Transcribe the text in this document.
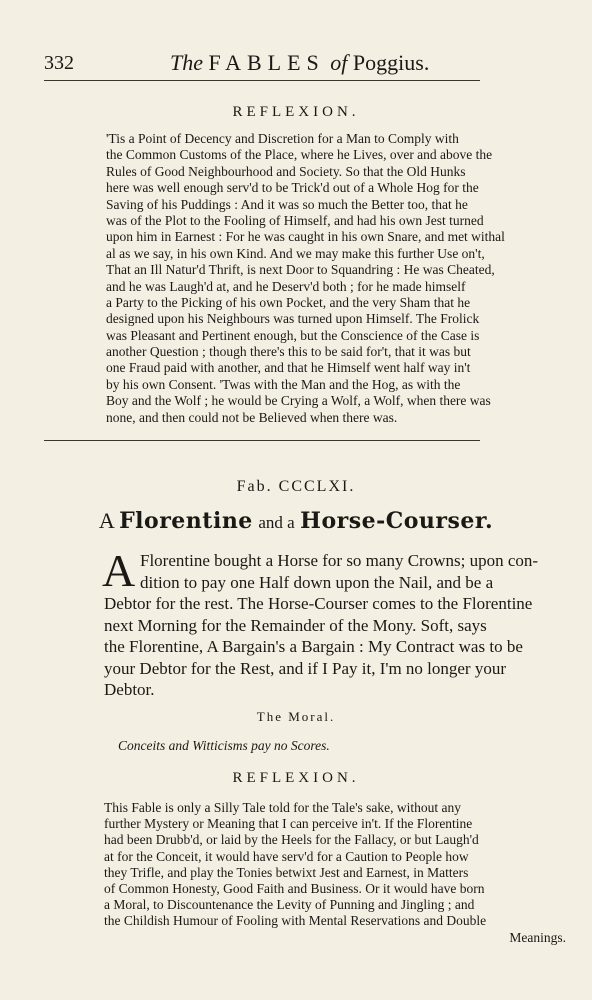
332	The FABLES of Poggius.
REFLEXION.
'Tis a Point of Decency and Discretion for a Man to Comply with
the Common Customs of the Place, where he Lives, over and above the
Rules of Good Neighbourhood and Society. So that the Old Hunks
here was well enough serv'd to be Trick'd out of a Whole Hog for the
Saving of his Puddings : And it was so much the Better too, that he
was of the Plot to the Fooling of Himself, and had his own Jest turned
upon him in Earnest : For he was caught in his own Snare, and met withal
al as we say, in his own Kind. And we may make this further Use on't,
That an Ill Natur'd Thrift, is next Door to Squandring : He was Cheated,
and he was Laugh'd at, and he Deserv'd both ; for he made himself
a Party to the Picking of his own Pocket, and the very Sham that he
designed upon his Neighbours was turned upon Himself. The Frolick
was Pleasant and Pertinent enough, but the Conscience of the Case is
another Question ; though there's this to be said for't, that it was but
one Fraud paid with another, and that he Himself went half way in't
by his own Consent. 'Twas with the Man and the Hog, as with the
Boy and the Wolf ; he would be Crying a Wolf, a Wolf, when there was
none, and then could not be Believed when there was.
Fab. CCCLXI.
A Florentine and a Horse-Courser.
A Florentine bought a Horse for so many Crowns; upon con-
dition to pay one Half down upon the Nail, and be a
Debtor for the rest. The Horse-Courser comes to the Florentine
next Morning for the Remainder of the Mony. Soft, says
the Florentine, A Bargain's a Bargain : My Contract was to be
your Debtor for the Rest, and if I Pay it, I'm no longer your
Debtor.
The Moral.
Conceits and Witticisms pay no Scores.
REFLEXION.
This Fable is only a Silly Tale told for the Tale's sake, without any
further Mystery or Meaning that I can perceive in't. If the Florentine
had been Drubb'd, or laid by the Heels for the Fallacy, or but Laugh'd
at for the Conceit, it would have serv'd for a Caution to People how
they Trifle, and play the Tonies betwixt Jest and Earnest, in Matters
of Common Honesty, Good Faith and Business. Or it would have born
a Moral, to Discountenance the Levity of Punning and Jingling ; and
the Childish Humour of Fooling with Mental Reservations and Double
Meanings.
